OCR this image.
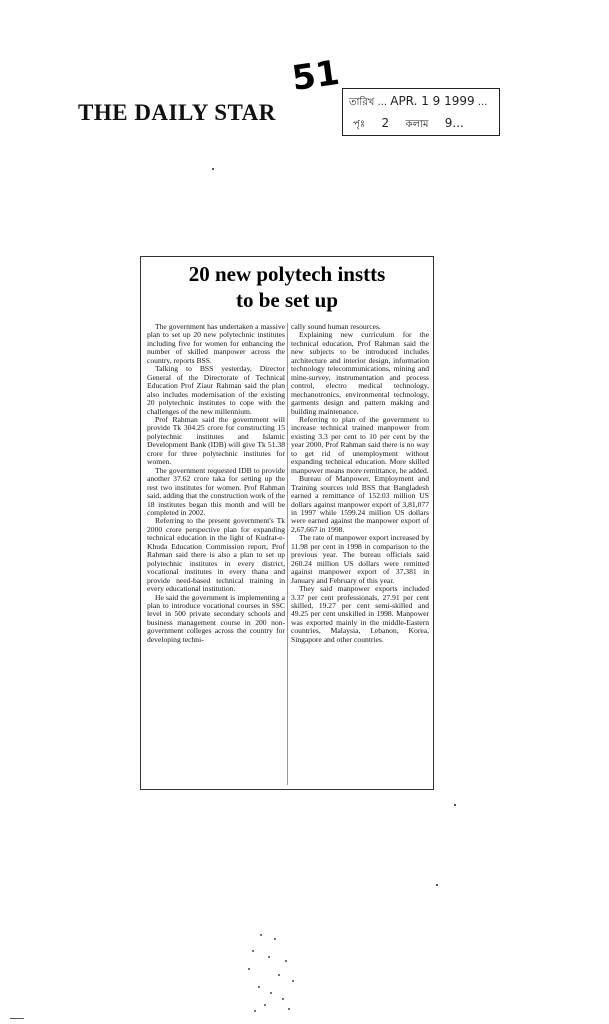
51
THE DAILY STAR	তারিখ ... APR. 1 9 1999 ...
পৃঃ 2 কলাম 9...
20 new polytech instts
to be set up

The government has undertaken a massive plan to set up 20 new polytechnic institutes including five for women for enhancing the number of skilled manpower across the country, reports BSS.

Talking to BSS yesterday, Director General of the Directorate of Technical Education Prof Ziaur Rahman said the plan also includes modernisation of the existing 20 polytechnic institutes to cope with the challenges of the new millennium.

Prof Rahman said the government will provide Tk 304.25 crore for constructing 15 polytechnic institutes and Islamic Development Bank (IDB) will give Tk 51.38 crore for three polytechnic institutes for women.

The government requested IDB to provide another 37.62 crore taka for setting up the rest two institutes for women. Prof Rahman said, adding that the construction work of the 18 institutes began this month and will be completed in 2002.

Referring to the present government's Tk 2000 crore perspective plan for expanding technical education in the light of Kudrat-e-Khuda Education Commission report, Prof Rahman said there is also a plan to set up polytechnic institutes in every district, vocational institutes in every thana and provide need-based technical training in every educational institution.

He said the government is implementing a plan to introduce vocational courses in SSC level in 500 private secondary schools and business management course in 200 non-government colleges across the country for developing techni-

cally sound human resources.

Explaining new curriculum for the technical education, Prof Rahman said the new subjects to be introduced includes architecture and interior design, information technology telecommunications, mining and mine-survey, instrumentation and process control, electro medical technology, mechanotronics, environmental technology, garments design and pattern making and building maintenance.

Referring to plan of the government to increase technical trained manpower from existing 3.3 per cent to 10 per cent by the year 2000, Prof Rahman said there is no way to get rid of unemployment without expanding technical education. More skilled manpower means more remittance, he added.

Bureau of Manpower, Employment and Training sources told BSS that Bangladesh earned a remittance of 152.03 million US dollars against manpower export of 3,81,077 in 1997 while 1599.24 million US dollars were earned against the manpower export of 2,67,667 in 1998.

The rate of manpower export increased by 11.98 per cent in 1998 in comparison to the previous year. The bureau officials said 260.24 million US dollars were remitted against manpower export of 37,381 in January and February of this year.

They said manpower exports included 3.37 per cent professionals, 27.91 per cent skilled, 19.27 per cent semi-skilled and 49.25 per cent unskilled in 1998. Manpower was exported mainly in the middle-Eastern countries, Malaysia, Lebanon, Korea, Singapore and other countries.
